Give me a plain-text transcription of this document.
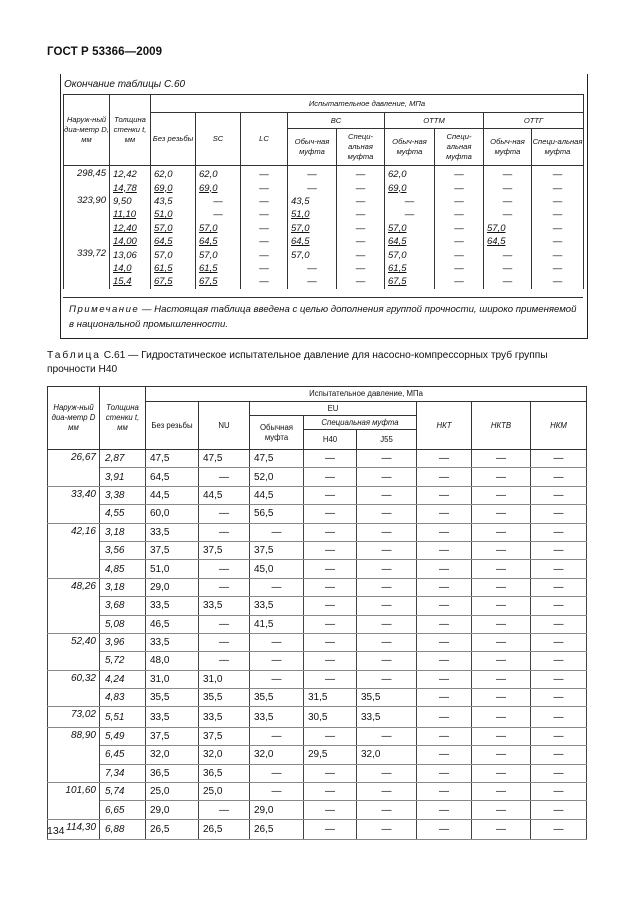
ГОСТ Р 53366—2009
Окончание таблицы С.60
Наруж-ный диа-метр D, мм	Толщина стенки t, мм	Испытательное давление, МПа								
		Без резьбы	SC	LC	ВС		ОТТМ		ОТТГ	
					Обыч-ная муфта	Специ-альная муфта	Обыч-ная муфта	Специ-альная муфта	Обыч-ная муфта	Специ-альная муфта
298,45	12,42	62,0	62,0	—	—	—	62,0	—	—	—
	14,78	69,0	69,0	—	—	—	69,0	—	—	—
323,90	9,50	43,5	—	—	43,5	—	—	—	—	—
	11,10	51,0	—	—	51,0	—	—	—	—	—
	12,40	57,0	57,0	—	57,0	—	57,0	—	57,0	—
	14,00	64,5	64,5	—	64,5	—	64,5	—	64,5	—
339,72	13,06	57,0	57,0	—	57,0	—	57,0	—	—	—
	14,0	61,5	61,5	—	—	—	61,5	—	—	—
	15,4	67,5	67,5	—	—	—	67,5	—	—	—
Примечание — Настоящая таблица введена с целью дополнения группой прочности, широко применяемой в национальной промышленности.
Таблица С.61 — Гидростатическое испытательное давление для насосно-компрессорных труб группы прочности Н40
Наруж-ный диа-метр D мм	Толщина стенки t, мм	Испытательное давление, МПа							
		Без резьбы	NU	EU			НКТ	НКТВ	НКМ
				Обычная муфта	Специальная муфта				
					Н40	J55			
26,67	2,87	47,5	47,5	47,5	—	—	—	—	—
	3,91	64,5	—	52,0	—	—	—	—	—
33,40	3,38	44,5	44,5	44,5	—	—	—	—	—
	4,55	60,0	—	56,5	—	—	—	—	—
42,16	3,18	33,5	—	—	—	—	—	—	—
	3,56	37,5	37,5	37,5	—	—	—	—	—
	4,85	51,0	—	45,0	—	—	—	—	—
48,26	3,18	29,0	—	—	—	—	—	—	—
	3,68	33,5	33,5	33,5	—	—	—	—	—
	5,08	46,5	—	41,5	—	—	—	—	—
52,40	3,96	33,5	—	—	—	—	—	—	—
	5,72	48,0	—	—	—	—	—	—	—
60,32	4,24	31,0	31,0	—	—	—	—	—	—
	4,83	35,5	35,5	35,5	31,5	35,5	—	—	—
73,02	5,51	33,5	33,5	33,5	30,5	33,5	—	—	—
88,90	5,49	37,5	37,5	—	—	—	—	—	—
	6,45	32,0	32,0	32,0	29,5	32,0	—	—	—
	7,34	36,5	36,5	—	—	—	—	—	—
101,60	5,74	25,0	25,0	—	—	—	—	—	—
	6,65	29,0	—	29,0	—	—	—	—	—
114,30	6,88	26,5	26,5	26,5	—	—	—	—	—
134
